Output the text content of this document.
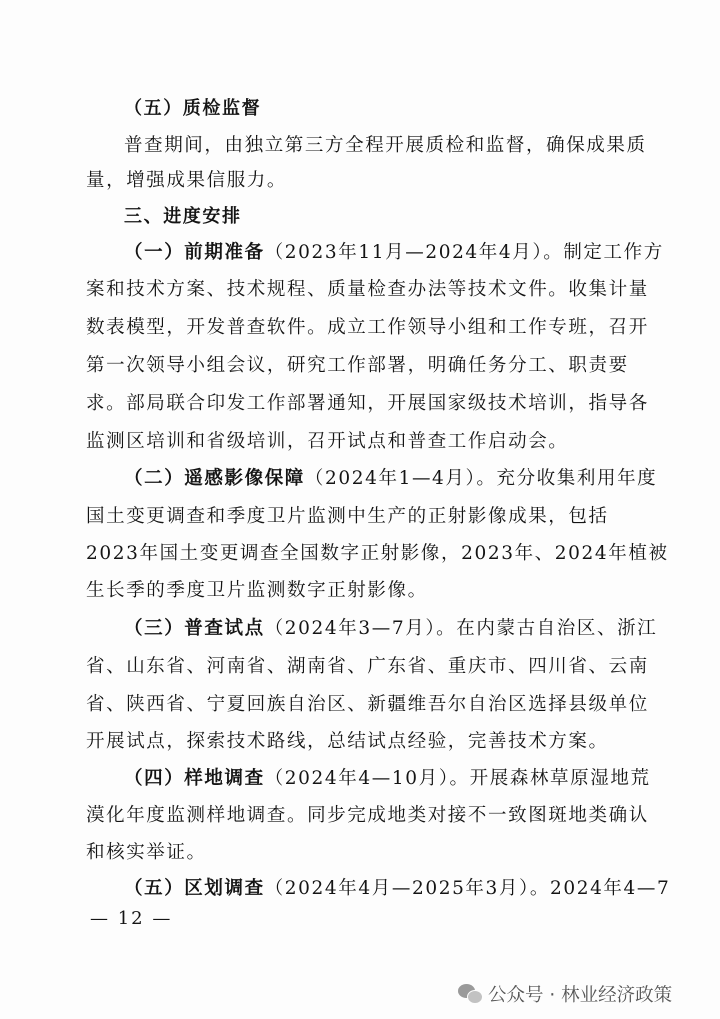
（五）质检监督
普查期间，由独立第三方全程开展质检和监督，确保成果质
量，增强成果信服力。
三、进度安排
（一）前期准备（2023年11月—2024年4月）。制定工作方
案和技术方案、技术规程、质量检查办法等技术文件。收集计量
数表模型，开发普查软件。成立工作领导小组和工作专班，召开
第一次领导小组会议，研究工作部署，明确任务分工、职责要
求。部局联合印发工作部署通知，开展国家级技术培训，指导各
监测区培训和省级培训，召开试点和普查工作启动会。
（二）遥感影像保障（2024年1—4月）。充分收集利用年度
国土变更调查和季度卫片监测中生产的正射影像成果，包括
2023年国土变更调查全国数字正射影像，2023年、2024年植被
生长季的季度卫片监测数字正射影像。
（三）普查试点（2024年3—7月）。在内蒙古自治区、浙江
省、山东省、河南省、湖南省、广东省、重庆市、四川省、云南
省、陕西省、宁夏回族自治区、新疆维吾尔自治区选择县级单位
开展试点，探索技术路线，总结试点经验，完善技术方案。
（四）样地调查（2024年4—10月）。开展森林草原湿地荒
漠化年度监测样地调查。同步完成地类对接不一致图斑地类确认
和核实举证。
（五）区划调查（2024年4月—2025年3月）。2024年4—7
— 12 —
公众号 · 林业经济政策
